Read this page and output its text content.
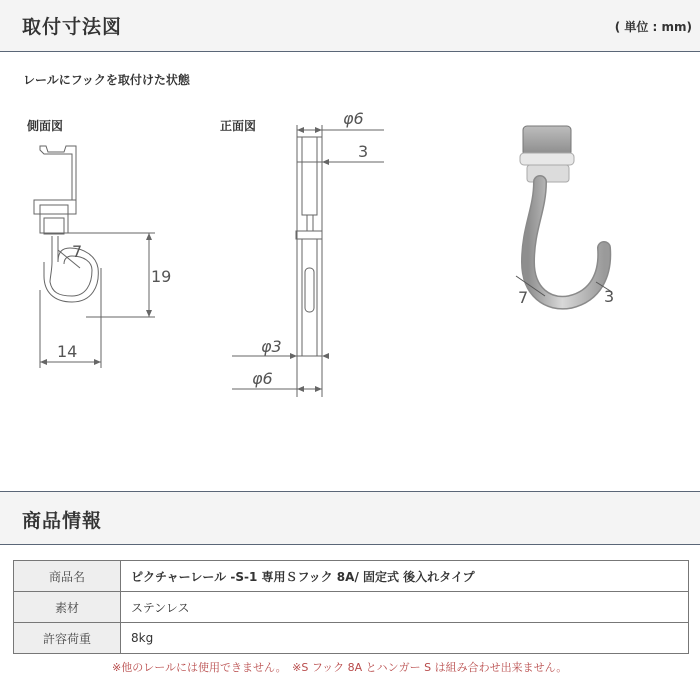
取付寸法図	( 単位 : mm)
レールにフックを取付けた状態
側面図	正面図
7
19
14
φ6
3
φ3
φ6
7	3
商品情報
商品名	ピクチャーレール -S-1 専用Ｓフック 8A/ 固定式 後入れタイプ
素材	ステンレス
許容荷重	8kg
※他のレールには使用できません。　※S フック 8A とハンガー S は組み合わせ出来ません。
